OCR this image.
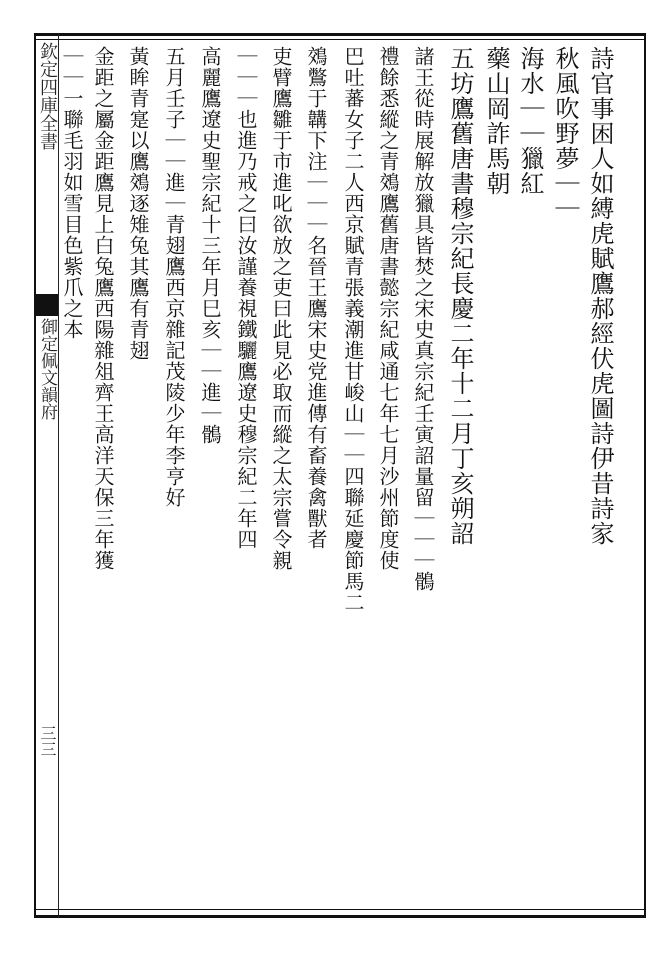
欽定四庫全書
御定佩文韻府
三三
詩官事困人如縛虎賦鷹郝經伏虎圖詩伊昔詩家
秋風吹野夢｜｜
海水｜｜獵紅
藥山岡詐馬朝
五坊鷹舊唐書穆宗紀長慶二年十二月丁亥朔詔
諸王從時展解放獵具皆焚之宋史真宗紀壬寅詔量留｜｜｜鶻
禮餘悉縱之青鵁鷹舊唐書懿宗紀咸通七年七月沙州節度使
巴吐蕃女子二人西京賦青張義潮進甘峻山｜｜四聯延慶節馬二
鵁鷩于韝下注｜｜｜名晉王鷹宋史党進傳有畜養禽獸者
吏臂鷹雛于市進叱欲放之吏曰此見必取而縱之太宗嘗令親
｜｜｜也進乃戒之曰汝謹養視鐵驪鷹遼史穆宗紀二年四
高麗鷹遼史聖宗紀十三年月巳亥｜｜進｜鶻
五月壬子｜｜進｜青翅鷹西京雜記茂陵少年李亨好
黃眸青寔以鷹鵁逐雉兔其鷹有青翅
金距之屬金距鷹見上白兔鷹西陽雜俎齊王高洋天保三年獲
｜｜一聯毛羽如雪目色紫爪之本
